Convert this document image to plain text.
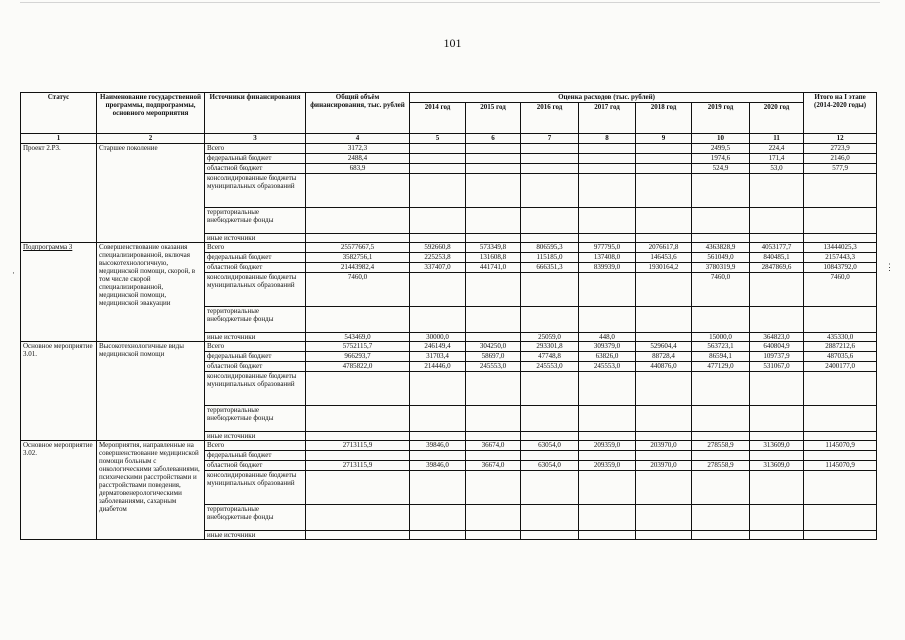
101
Статус	Наименование государственной программы, подпрограммы, основного мероприятия	Источники финансирования	Общий объём финансирования, тыс. рублей	Оценка расходов (тыс. рублей)							Итого на I этапе (2014-2020 годы)
				2014 год	2015 год	2016 год	2017 год	2018 год	2019 год	2020 год	
1	2	3	4	5	6	7	8	9	10	11	12
Проект 2.Р3.	Старшее поколение	Всего	3172,3						2499,5	224,4	2723,9
		федеральный бюджет	2488,4						1974,6	171,4	2146,0
		областной бюджет	683,9						524,9	53,0	577,9
		консолидированные бюджеты муниципальных образований									
		территориальные внебюджетные фонды									
		иные источники									
Подпрограмма 3	Совершенствование оказания специализированной, включая высокотехнологичную, медицинской помощи, скорой, в том числе скорой специализированной, медицинской помощи, медицинской эвакуации	Всего	25577667,5	592660,8	573349,8	806595,3	977795,0	2076617,8	4363828,9	4053177,7	13444025,3
		федеральный бюджет	3582756,1	225253,8	131608,8	115185,0	137408,0	146453,6	561049,0	840485,1	2157443,3
		областной бюджет	21443982,4	337407,0	441741,0	666351,3	839939,0	1930164,2	3780319,9	2847869,6	10843792,0
		консолидированные бюджеты муниципальных образований	7460,0						7460,0		7460,0
		территориальные внебюджетные фонды									
		иные источники	543469,0	30000,0		25059,0	448,0		15000,0	364823,0	435330,0
Основное мероприятие 3.01.	Высокотехнологичные виды медицинской помощи	Всего	5752115,7	246149,4	304250,0	293301,8	309379,0	529604,4	563723,1	640804,9	2887212,6
		федеральный бюджет	966293,7	31703,4	58697,0	47748,8	63826,0	88728,4	86594,1	109737,9	487035,6
		областной бюджет	4785822,0	214446,0	245553,0	245553,0	245553,0	440876,0	477129,0	531067,0	2400177,0
		консолидированные бюджеты муниципальных образований									
		территориальные внебюджетные фонды									
		иные источники									
Основное мероприятие 3.02.	Мероприятия, направленные на совершенствование медицинской помощи больным с онкологическими заболеваниями, психическими расстройствами и расстройствами поведения, дерматовенерологическими заболеваниями, сахарным диабетом	Всего	2713115,9	39846,0	36674,0	63054,0	209359,0	203970,0	278558,9	313609,0	1145070,9
		федеральный бюджет									
		областной бюджет	2713115,9	39846,0	36674,0	63054,0	209359,0	203970,0	278558,9	313609,0	1145070,9
		консолидированные бюджеты муниципальных образований									
		территориальные внебюджетные фонды									
		иные источники									
⋮
·
